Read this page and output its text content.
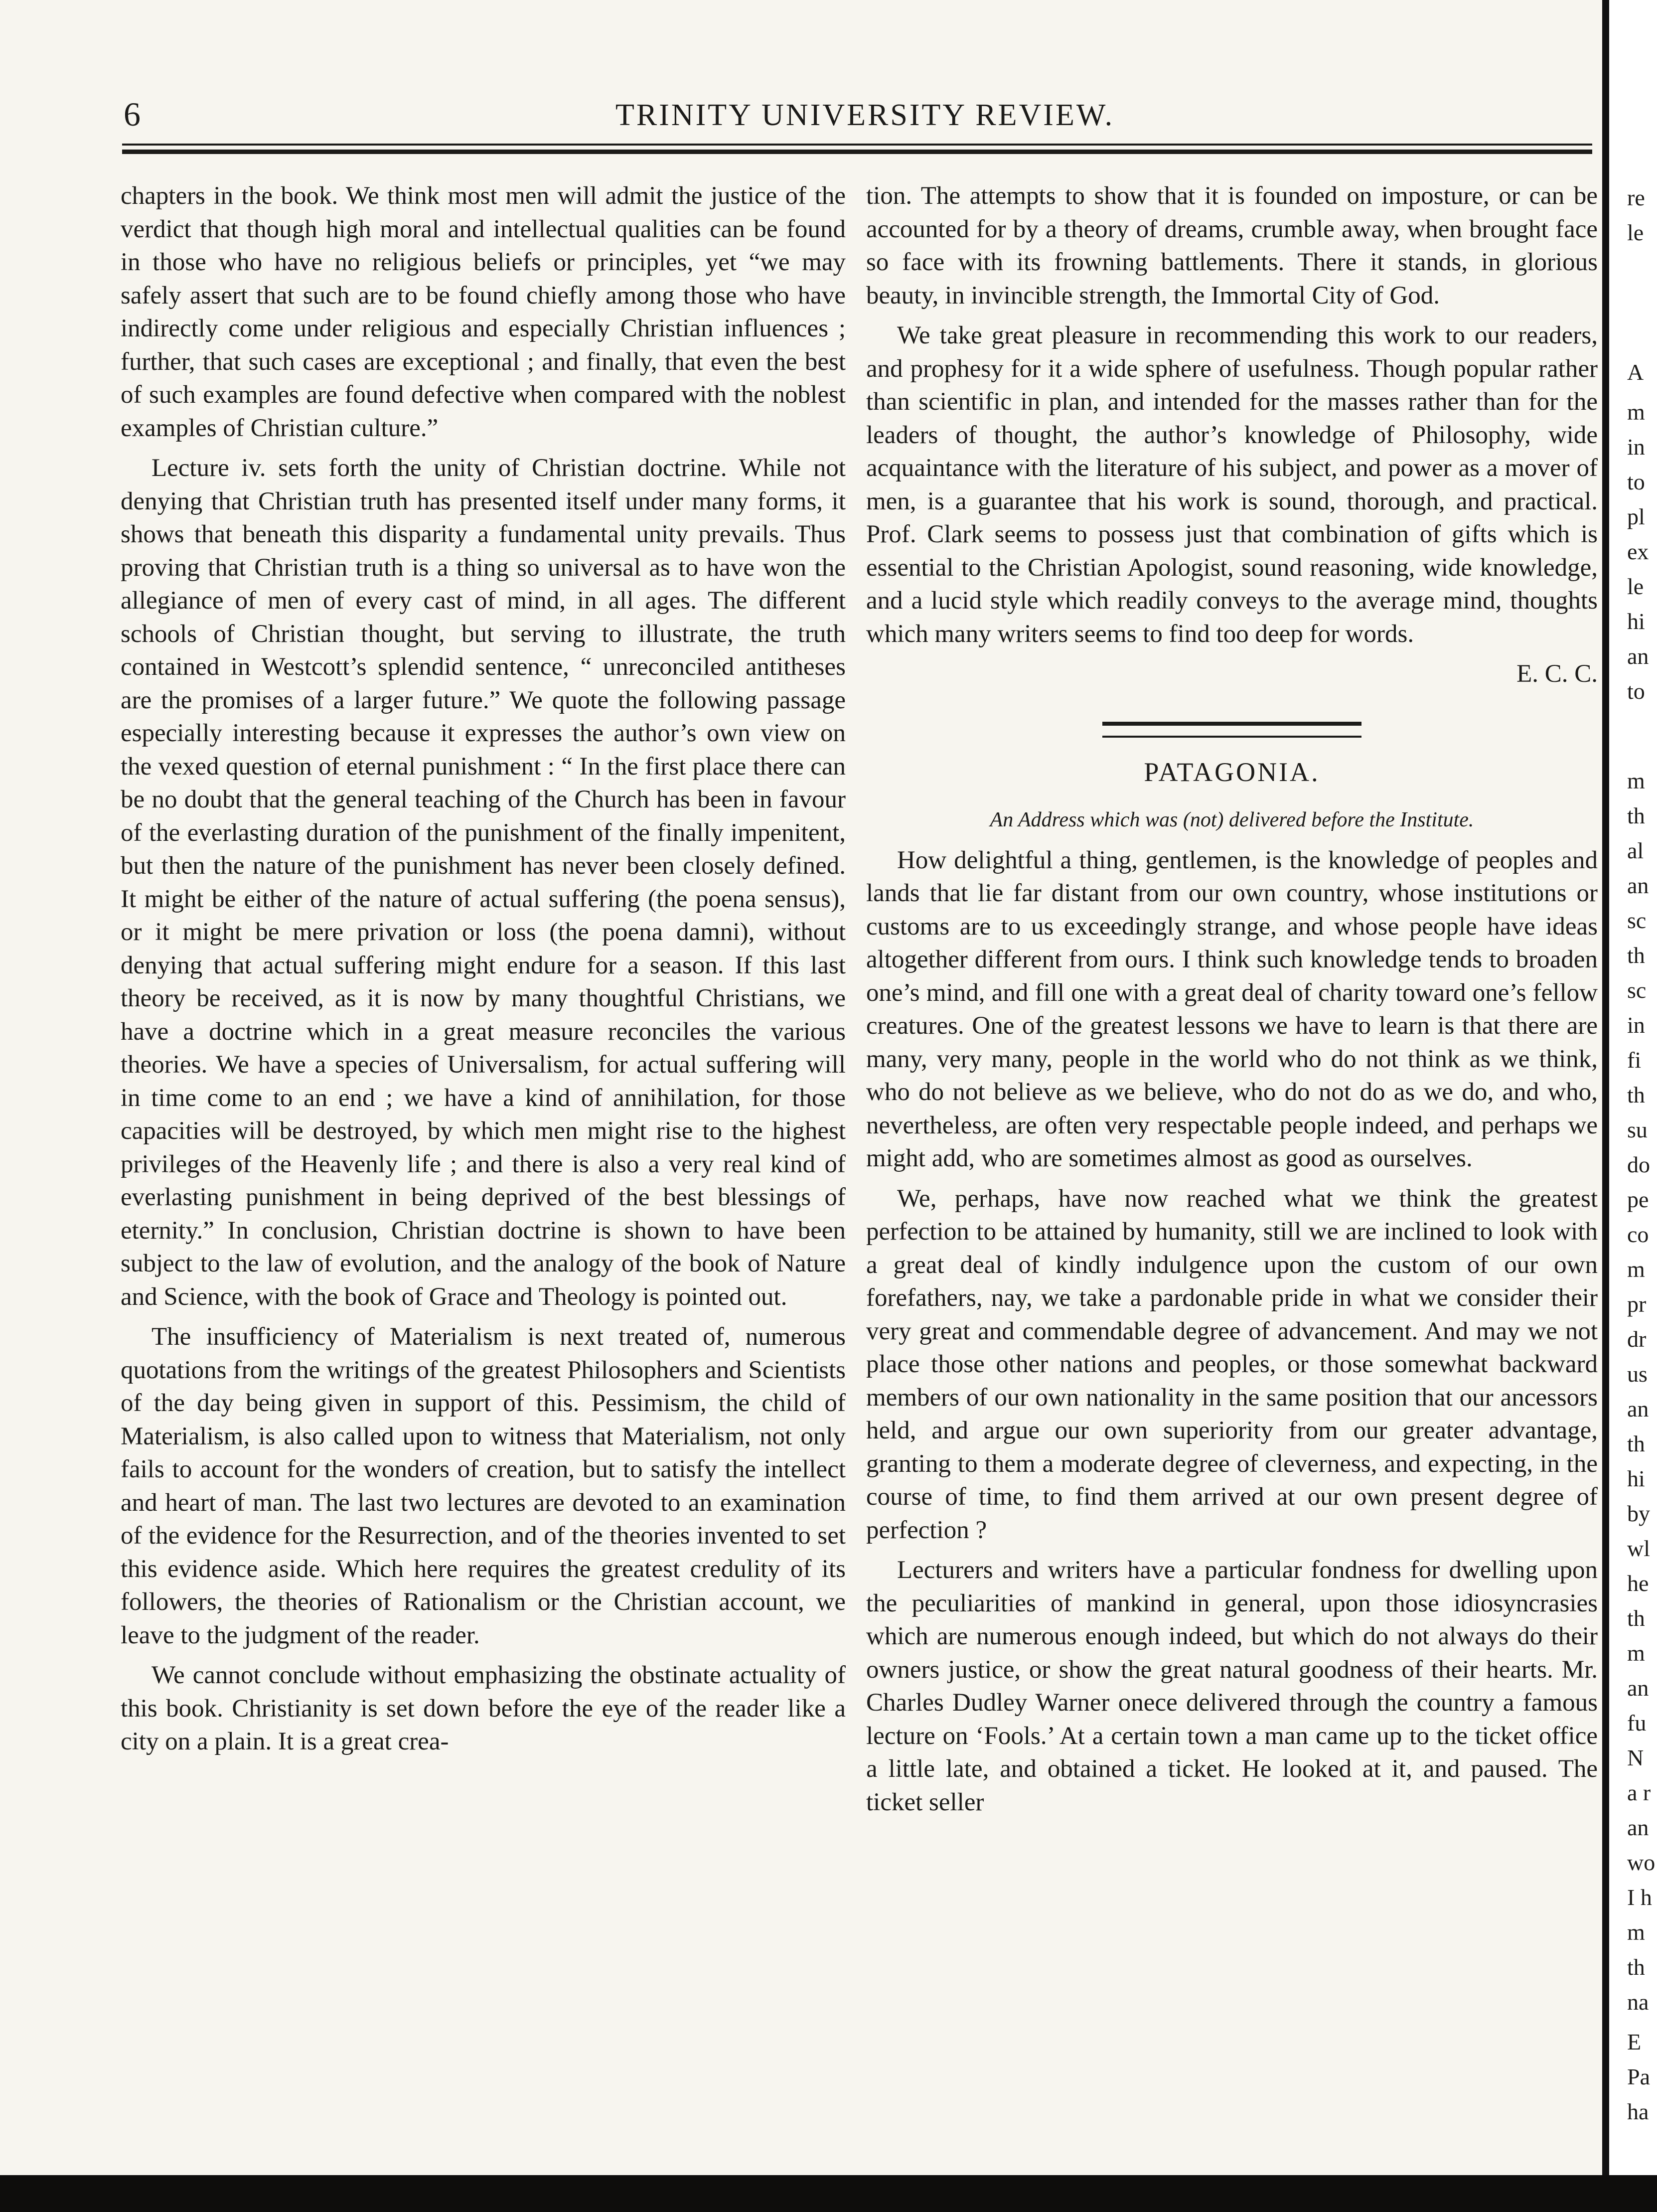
6	TRINITY UNIVERSITY REVIEW.

chapters in the book. We think most men will admit the justice of the verdict that though high moral and intellectual qualities can be found in those who have no religious beliefs or principles, yet “we may safely assert that such are to be found chiefly among those who have indirectly come under religious and especially Christian influences ; further, that such cases are exceptional ; and finally, that even the best of such examples are found defective when compared with the noblest examples of Christian culture.”

Lecture iv. sets forth the unity of Christian doctrine. While not denying that Christian truth has presented itself under many forms, it shows that beneath this disparity a fundamental unity prevails. Thus proving that Christian truth is a thing so universal as to have won the allegiance of men of every cast of mind, in all ages. The different schools of Christian thought, but serving to illustrate, the truth contained in Westcott’s splendid sentence, “ unreconciled antitheses are the promises of a larger future.” We quote the following passage especially interesting because it expresses the author’s own view on the vexed question of eternal punishment : “ In the first place there can be no doubt that the general teaching of the Church has been in favour of the everlasting duration of the punishment of the finally impenitent, but then the nature of the punishment has never been closely defined. It might be either of the nature of actual suffering (the poena sensus), or it might be mere privation or loss (the poena damni), without denying that actual suffering might endure for a season. If this last theory be received, as it is now by many thoughtful Christians, we have a doctrine which in a great measure reconciles the various theories. We have a species of Universalism, for actual suffering will in time come to an end ; we have a kind of annihilation, for those capacities will be destroyed, by which men might rise to the highest privileges of the Heavenly life ; and there is also a very real kind of everlasting punishment in being deprived of the best blessings of eternity.” In conclusion, Christian doctrine is shown to have been subject to the law of evolution, and the analogy of the book of Nature and Science, with the book of Grace and Theology is pointed out.

The insufficiency of Materialism is next treated of, numerous quotations from the writings of the greatest Philosophers and Scientists of the day being given in support of this. Pessimism, the child of Materialism, is also called upon to witness that Materialism, not only fails to account for the wonders of creation, but to satisfy the intellect and heart of man. The last two lectures are devoted to an examination of the evidence for the Resurrection, and of the theories invented to set this evidence aside. Which here requires the greatest credulity of its followers, the theories of Rationalism or the Christian account, we leave to the judgment of the reader.

We cannot conclude without emphasizing the obstinate actuality of this book. Christianity is set down before the eye of the reader like a city on a plain. It is a great crea-

tion. The attempts to show that it is founded on imposture, or can be accounted for by a theory of dreams, crumble away, when brought face so face with its frowning battlements. There it stands, in glorious beauty, in invincible strength, the Immortal City of God.

We take great pleasure in recommending this work to our readers, and prophesy for it a wide sphere of usefulness. Though popular rather than scientific in plan, and intended for the masses rather than for the leaders of thought, the author’s knowledge of Philosophy, wide acquaintance with the literature of his subject, and power as a mover of men, is a guarantee that his work is sound, thorough, and practical. Prof. Clark seems to possess just that combination of gifts which is essential to the Christian Apologist, sound reasoning, wide knowledge, and a lucid style which readily conveys to the average mind, thoughts which many writers seems to find too deep for words.

E. C. C.

PATAGONIA.
An Address which was (not) delivered before the Institute.

How delightful a thing, gentlemen, is the knowledge of peoples and lands that lie far distant from our own country, whose institutions or customs are to us exceedingly strange, and whose people have ideas altogether different from ours. I think such knowledge tends to broaden one’s mind, and fill one with a great deal of charity toward one’s fellow creatures. One of the greatest lessons we have to learn is that there are many, very many, people in the world who do not think as we think, who do not believe as we believe, who do not do as we do, and who, nevertheless, are often very respectable people indeed, and perhaps we might add, who are sometimes almost as good as ourselves.

We, perhaps, have now reached what we think the greatest perfection to be attained by humanity, still we are inclined to look with a great deal of kindly indulgence upon the custom of our own forefathers, nay, we take a pardonable pride in what we consider their very great and commendable degree of advancement. And may we not place those other nations and peoples, or those somewhat backward members of our own nationality in the same position that our ancessors held, and argue our own superiority from our greater advantage, granting to them a moderate degree of cleverness, and expecting, in the course of time, to find them arrived at our own present degree of perfection ?

Lecturers and writers have a particular fondness for dwelling upon the peculiarities of mankind in general, upon those idiosyncrasies which are numerous enough indeed, but which do not always do their owners justice, or show the great natural goodness of their hearts. Mr. Charles Dudley Warner onece delivered through the country a famous lecture on ‘Fools.’ At a certain town a man came up to the ticket office a little late, and obtained a ticket. He looked at it, and paused. The ticket seller

re
le
A
m
in
to
pl
ex
le
hi
an
to
m
th
al
an
sc
th
sc
in
fi
th
su
do
pe
co
m
pr
dr
us
an
th
hi
by
wl
he
th
m
an
fu
N
a r
an
wo
I h
m
th
na
E
Pa
ha
